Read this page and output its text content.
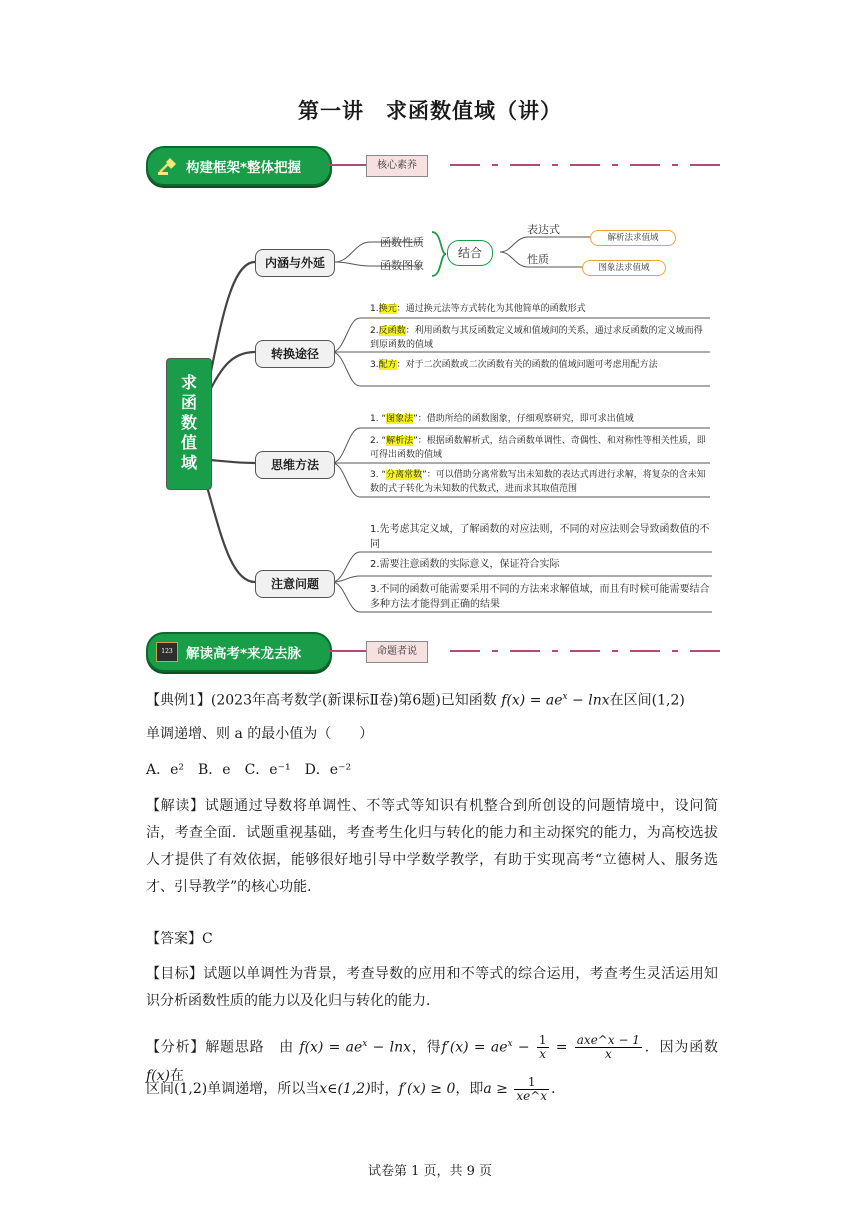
第一讲　求函数值域（讲）
构建框架*整体把握	核心素养
求
函
数
值
域
内涵与外延
函数性质
函数图象
结合
表达式
性质
解析法求值域
图象法求值域
转换途径
1.换元：通过换元法等方式转化为其他简单的函数形式
2.反函数：利用函数与其反函数定义域和值域间的关系，通过求反函数的定义域而得到原函数的值域
3.配方：对于二次函数或二次函数有关的函数的值域问题可考虑用配方法
思维方法
1. “图象法”：借助所给的函数图象，仔细观察研究，即可求出值域
2. “解析法”：根据函数解析式，结合函数单调性、奇偶性、和对称性等相关性质，即可得出函数的值域
3. “分离常数”：可以借助分离常数写出未知数的表达式再进行求解，将复杂的含未知数的式子转化为未知数的代数式，进而求其取值范围
注意问题
1.先考虑其定义域，了解函数的对应法则，不同的对应法则会导致函数值的不同
2.需要注意函数的实际意义，保证符合实际
3.不同的函数可能需要采用不同的方法来求解值域，而且有时候可能需要结合多种方法才能得到正确的结果
123 解读高考*来龙去脉	命题者说
【典例1】(2023年高考数学(新课标Ⅱ卷)第6题)已知函数 $f(x) = ae^x - \ln x$在区间(1,2)
单调递增、则 a 的最小值为（　　）
A．e²　B．e　C．e⁻¹　D．e⁻²
【解读】试题通过导数将单调性、不等式等知识有机整合到所创设的问题情境中，设问简洁，考查全面．试题重视基础，考查考生化归与转化的能力和主动探究的能力，为高校选拔人才提供了有效依据，能够很好地引导中学数学教学，有助于实现高考“立德树人、服务选才、引导教学”的核心功能．
【答案】C
【目标】试题以单调性为背景，考查导数的应用和不等式的综合运用，考查考生灵活运用知识分析函数性质的能力以及化归与转化的能力．
【分析】解题思路　由 $f(x) = ae^x - \ln x$，得$f'(x) = ae^x - \frac{1}{x} = \frac{\text{axe\textasciicircum{}x − 1}}{x}$ ．因为函数f(x)在
区间(1,2)单调递增，所以当x∈(1,2)时，f′(x) ≥ 0，即$a \ge \frac{1}{xe\^{}x}$ ．
试卷第 1 页，共 9 页
